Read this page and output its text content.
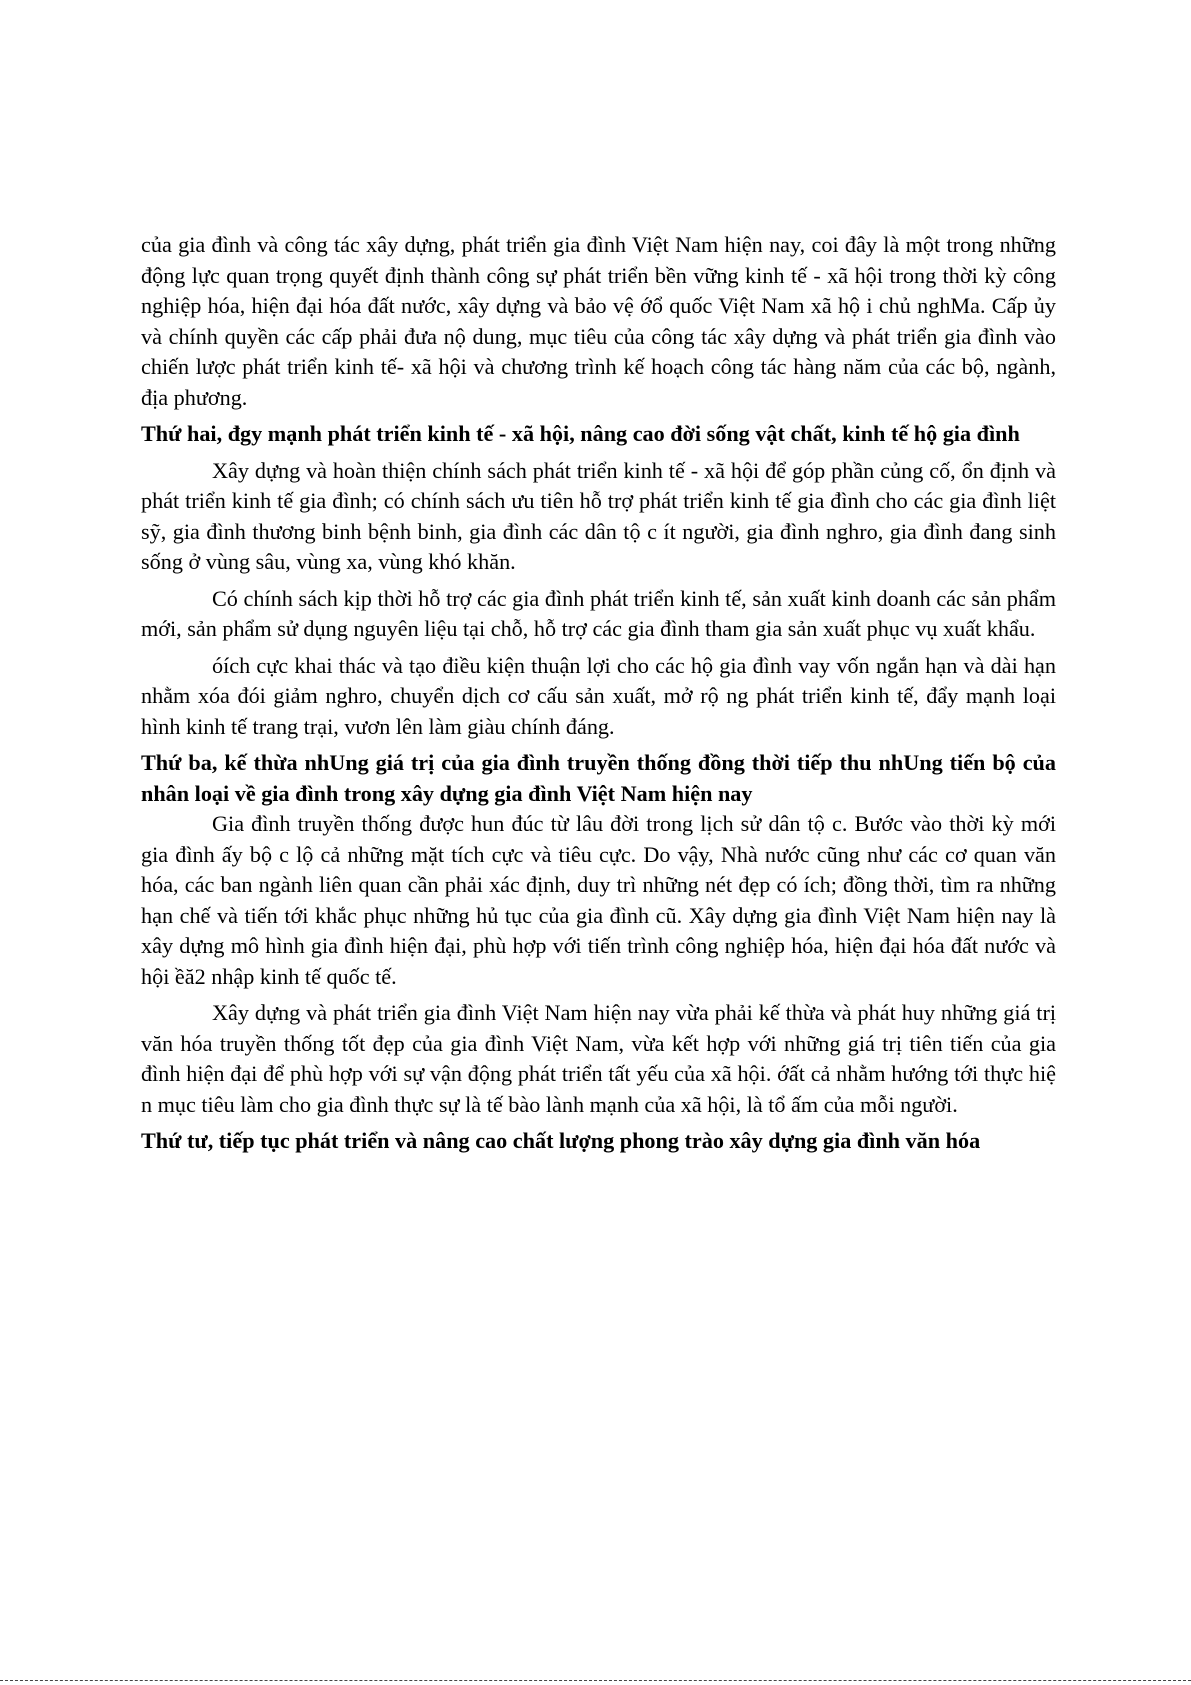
của gia đình và công tác xây dựng, phát triển gia đình Việt Nam hiện nay, coi đây là một trong những động lực quan trọng quyết định thành công sự phát triển bền vững kinh tế - xã hội trong thời kỳ công nghiệp hóa, hiện đại hóa đất nước, xây dựng và bảo vệ ớổ quốc Việt Nam xã hộ i chủ nghMa. Cấp ủy và chính quyền các cấp phải đưa nộ dung, mục tiêu của công tác xây dựng và phát triển gia đình vào chiến lược phát triển kinh tế- xã hội và chương trình kế hoạch công tác hàng năm của các bộ, ngành, địa phương.

Thứ hai, đgy mạnh phát triển kinh tế - xã hội, nâng cao đời sống vật chất, kinh tế hộ gia đình

Xây dựng và hoàn thiện chính sách phát triển kinh tế - xã hội để góp phần củng cố, ổn định và phát triển kinh tế gia đình; có chính sách ưu tiên hỗ trợ phát triển kinh tế gia đình cho các gia đình liệt sỹ, gia đình thương binh bệnh binh, gia đình các dân tộ c ít người, gia đình nghro, gia đình đang sinh sống ở vùng sâu, vùng xa, vùng khó khăn.

Có chính sách kịp thời hỗ trợ các gia đình phát triển kinh tế, sản xuất kinh doanh các sản phẩm mới, sản phẩm sử dụng nguyên liệu tại chỗ, hỗ trợ các gia đình tham gia sản xuất phục vụ xuất khẩu.

óích cực khai thác và tạo điều kiện thuận lợi cho các hộ gia đình vay vốn ngắn hạn và dài hạn nhằm xóa đói giảm nghro, chuyển dịch cơ cấu sản xuất, mở rộ ng phát triển kinh tế, đẩy mạnh loại hình kinh tế trang trại, vươn lên làm giàu chính đáng.

Thứ ba, kế thừa nhUng giá trị của gia đình truyền thống đồng thời tiếp thu nhUng tiến bộ của nhân loại về gia đình trong xây dựng gia đình Việt Nam hiện nay

Gia đình truyền thống được hun đúc từ lâu đời trong lịch sử dân tộ c. Bước vào thời kỳ mới gia đình ấy bộ c lộ cả những mặt tích cực và tiêu cực. Do vậy, Nhà nước cũng như các cơ quan văn hóa, các ban ngành liên quan cần phải xác định, duy trì những nét đẹp có ích; đồng thời, tìm ra những hạn chế và tiến tới khắc phục những hủ tục của gia đình cũ. Xây dựng gia đình Việt Nam hiện nay là xây dựng mô hình gia đình hiện đại, phù hợp với tiến trình công nghiệp hóa, hiện đại hóa đất nước và hội ềă2 nhập kinh tế quốc tế.

Xây dựng và phát triển gia đình Việt Nam hiện nay vừa phải kế thừa và phát huy những giá trị văn hóa truyền thống tốt đẹp của gia đình Việt Nam, vừa kết hợp với những giá trị tiên tiến của gia đình hiện đại để phù hợp với sự vận động phát triển tất yếu của xã hội. ớất cả nhằm hướng tới thực hiệ n mục tiêu làm cho gia đình thực sự là tế bào lành mạnh của xã hội, là tổ ấm của mỗi người.

Thứ tư, tiếp tục phát triển và nâng cao chất lượng phong trào xây dựng gia đình văn hóa
